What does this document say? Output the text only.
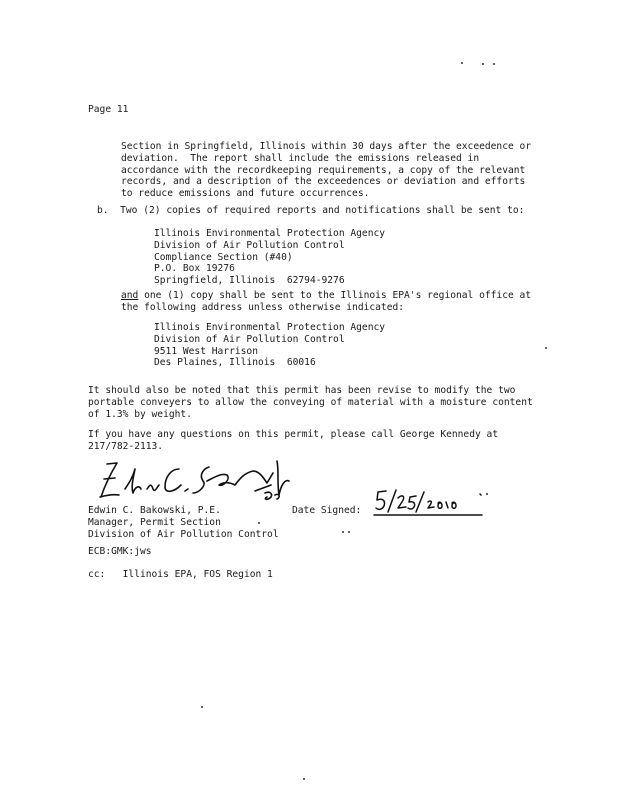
Page 11
Section in Springfield, Illinois within 30 days after the exceedence or
deviation.  The report shall include the emissions released in
accordance with the recordkeeping requirements, a copy of the relevant
records, and a description of the exceedences or deviation and efforts
to reduce emissions and future occurrences.
b. Two (2) copies of required reports and notifications shall be sent to:
Illinois Environmental Protection Agency
Division of Air Pollution Control
Compliance Section (#40)
P.O. Box 19276
Springfield, Illinois  62794-9276
and one (1) copy shall be sent to the Illinois EPA's regional office at
the following address unless otherwise indicated:
Illinois Environmental Protection Agency
Division of Air Pollution Control
9511 West Harrison
Des Plaines, Illinois  60016
It should also be noted that this permit has been revise to modify the two
portable conveyers to allow the conveying of material with a moisture content
of 1.3% by weight.
If you have any questions on this permit, please call George Kennedy at
217/782-2113.
Date Signed:
Edwin C. Bakowski, P.E.
Manager, Permit Section
Division of Air Pollution Control
ECB:GMK:jws
cc:   Illinois EPA, FOS Region 1
